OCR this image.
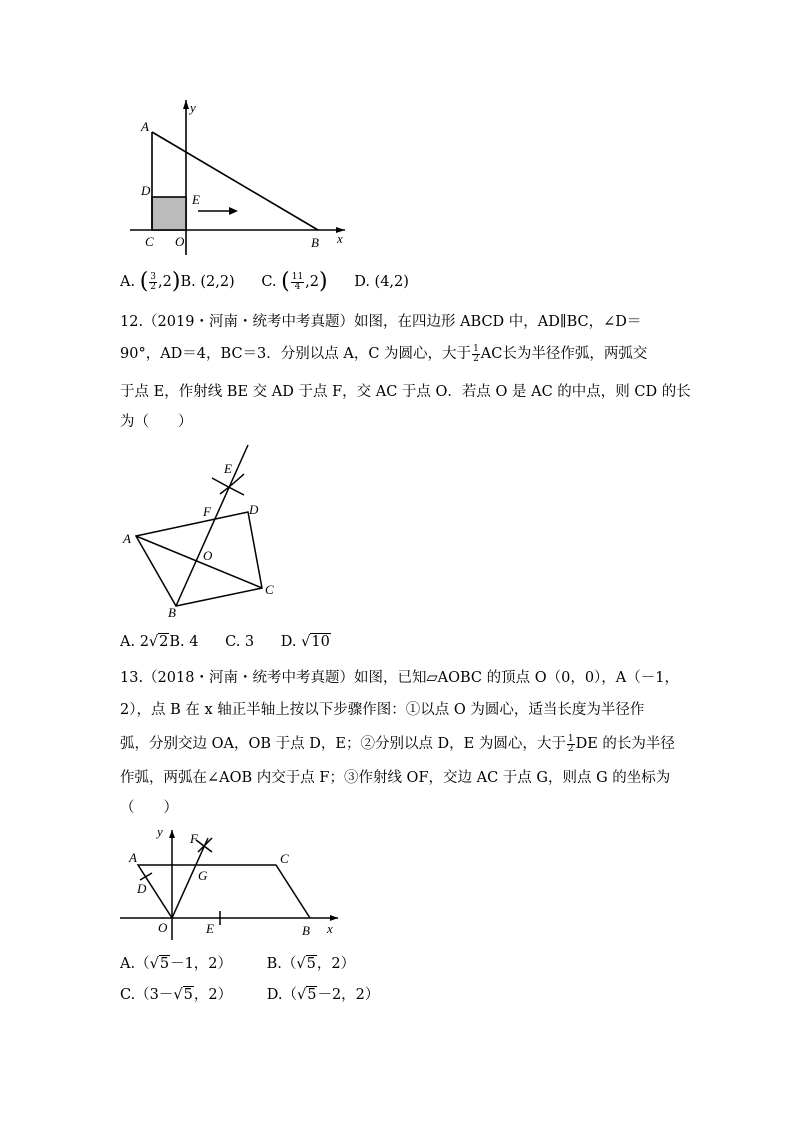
A
y
D
E
C O	B x
A. ( $\frac{3}{2} ,2)B$. (2,2) C. ( $\frac{11}{4} ,2$) D. (4,2)
12.（2019・河南・统考中考真题）如图，在四边形 ABCD 中，AD∥BC，∠D＝
90°，AD＝4，BC＝3．分别以点 A，C 为圆心，大于 $\frac{1}{2}$ AC长为半径作弧，两弧交
于点 E，作射线 BE 交 AD 于点 F，交 AC 于点 O．若点 O 是 AC 的中点，则 CD 的长
为（　　）
E
F	D
A
O
C
B
A. 2√2B. 4 C. 3 D. √10
13.（2018・河南・统考中考真题）如图，已知▱AOBC 的顶点 O（0，0），A（－1，
2），点 B 在 x 轴正半轴上按以下步骤作图：①以点 O 为圆心，适当长度为半径作
弧，分别交边 OA，OB 于点 D，E；②分别以点 D，E 为圆心，大于 $\frac{1}{2}$ DE 的长为半径
作弧，两弧在∠AOB 内交于点 F；③作射线 OF，交边 AC 于点 G，则点 G 的坐标为
（　　）
y F
A	C
D
G
O	E	B x
A.（√5－1，2） B.（√5，2）
C.（3－√5，2） D.（√5－2，2）
